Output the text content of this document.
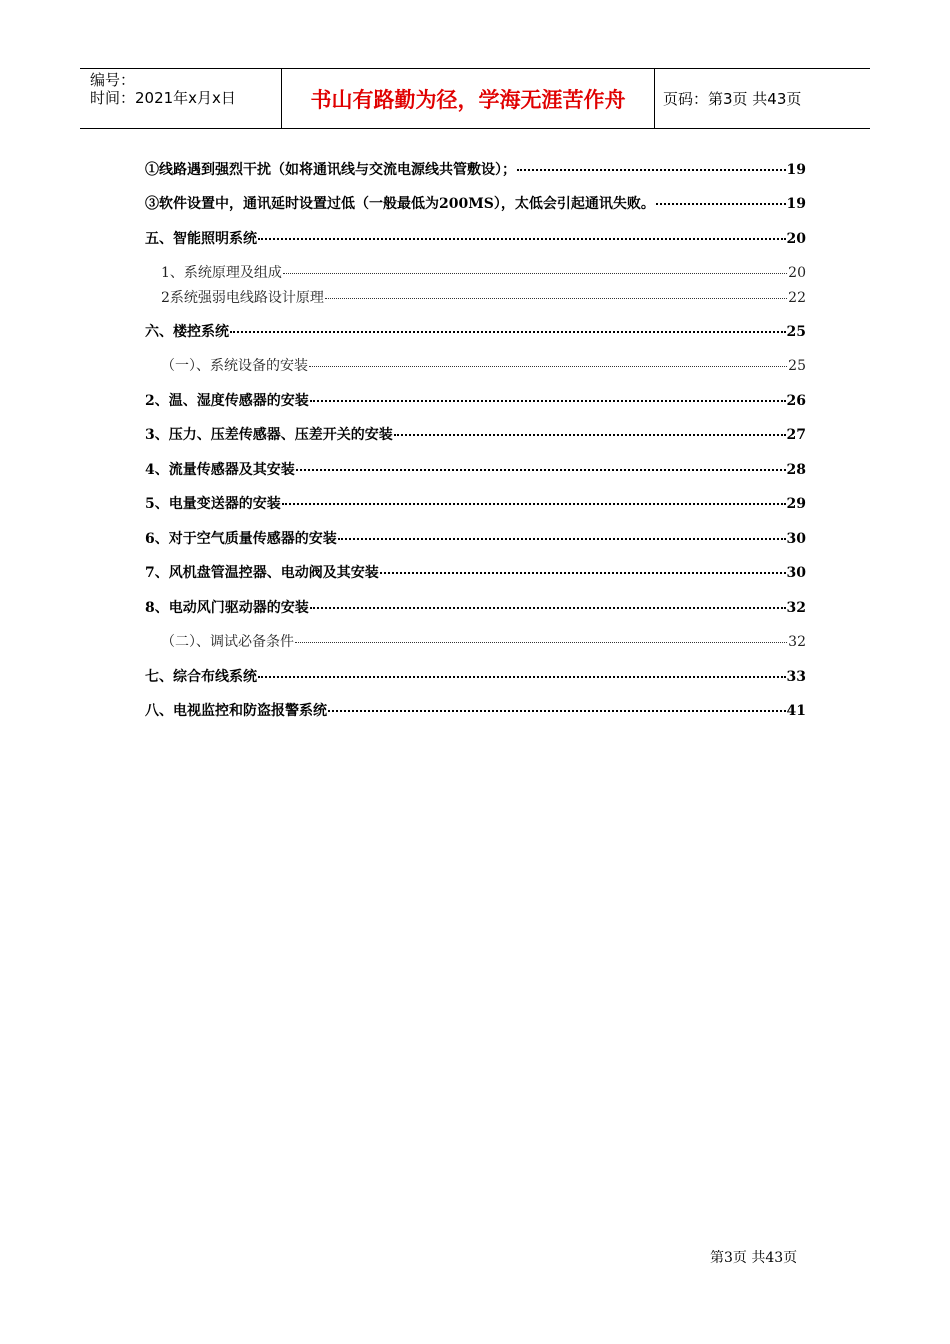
编号：
时间：2021年x月x日	书山有路勤为径，学海无涯苦作舟	页码：第3页 共43页
①线路遇到强烈干扰（如将通讯线与交流电源线共管敷设）；	19
③软件设置中，通讯延时设置过低（一般最低为200MS），太低会引起通讯失败。	19
五、智能照明系统	20
1、系统原理及组成	20
2系统强弱电线路设计原理	22
六、楼控系统	25
（一）、系统设备的安装	25
2、温、湿度传感器的安装	26
3、压力、压差传感器、压差开关的安装	27
4、流量传感器及其安装	28
5、电量变送器的安装	29
6、对于空气质量传感器的安装	30
7、风机盘管温控器、电动阀及其安装	30
8、电动风门驱动器的安装	32
（二）、调试必备条件	32
七、综合布线系统	33
八、电视监控和防盗报警系统	41
第3页 共43页
